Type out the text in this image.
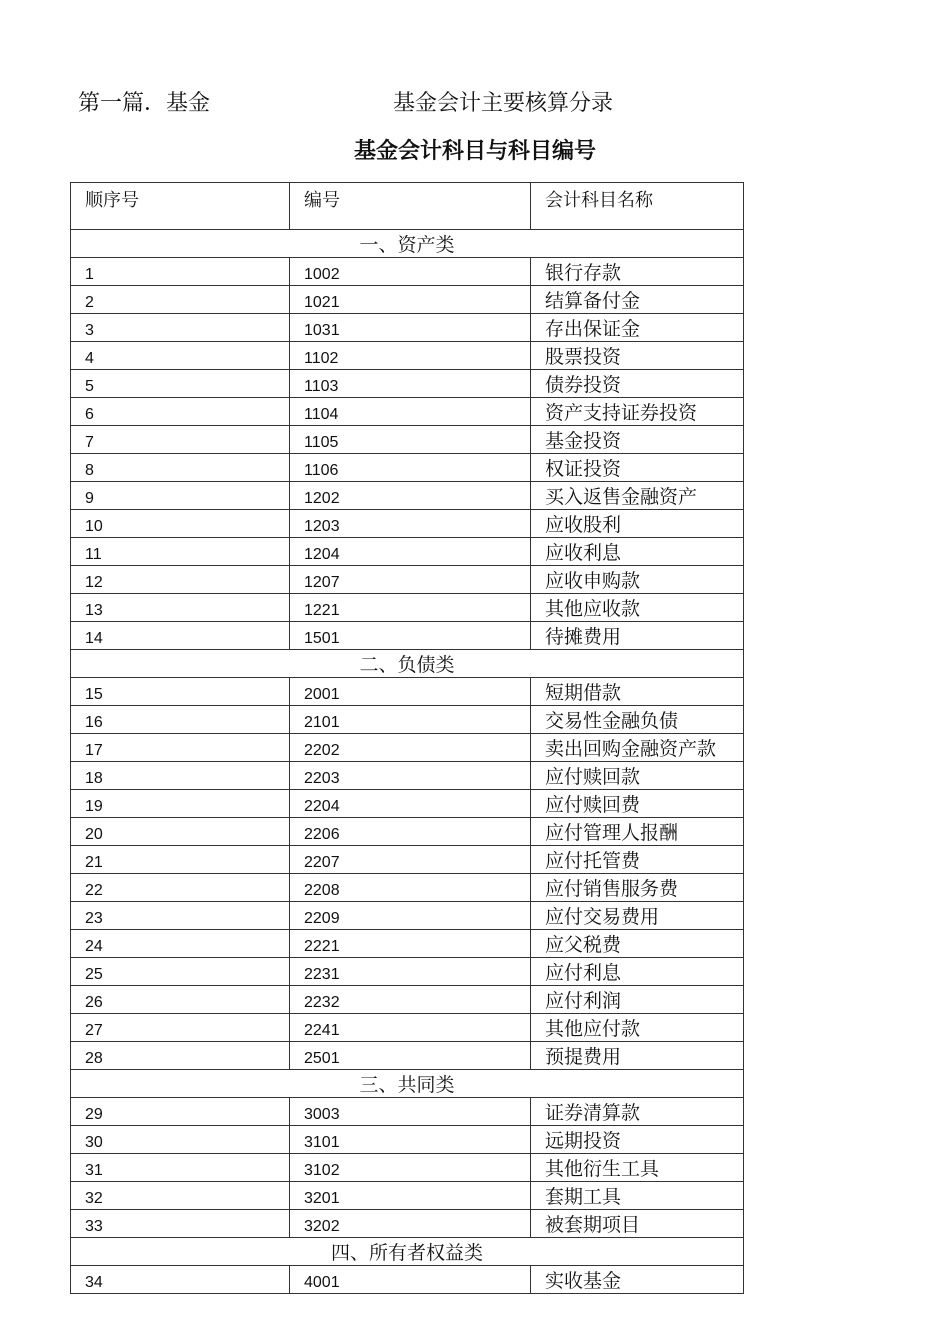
第一篇．基金	基金会计主要核算分录
基金会计科目与科目编号
顺序号	编号	会计科目名称
一、资产类		
1	1002	银行存款
2	1021	结算备付金
3	1031	存出保证金
4	1102	股票投资
5	1103	债券投资
6	1104	资产支持证券投资
7	1105	基金投资
8	1106	权证投资
9	1202	买入返售金融资产
10	1203	应收股利
11	1204	应收利息
12	1207	应收申购款
13	1221	其他应收款
14	1501	待摊费用
二、负债类		
15	2001	短期借款
16	2101	交易性金融负债
17	2202	卖出回购金融资产款
18	2203	应付赎回款
19	2204	应付赎回费
20	2206	应付管理人报酬
21	2207	应付托管费
22	2208	应付销售服务费
23	2209	应付交易费用
24	2221	应父税费
25	2231	应付利息
26	2232	应付利润
27	2241	其他应付款
28	2501	预提费用
三、共同类		
29	3003	证券清算款
30	3101	远期投资
31	3102	其他衍生工具
32	3201	套期工具
33	3202	被套期项目
四、所有者权益类		
34	4001	实收基金
